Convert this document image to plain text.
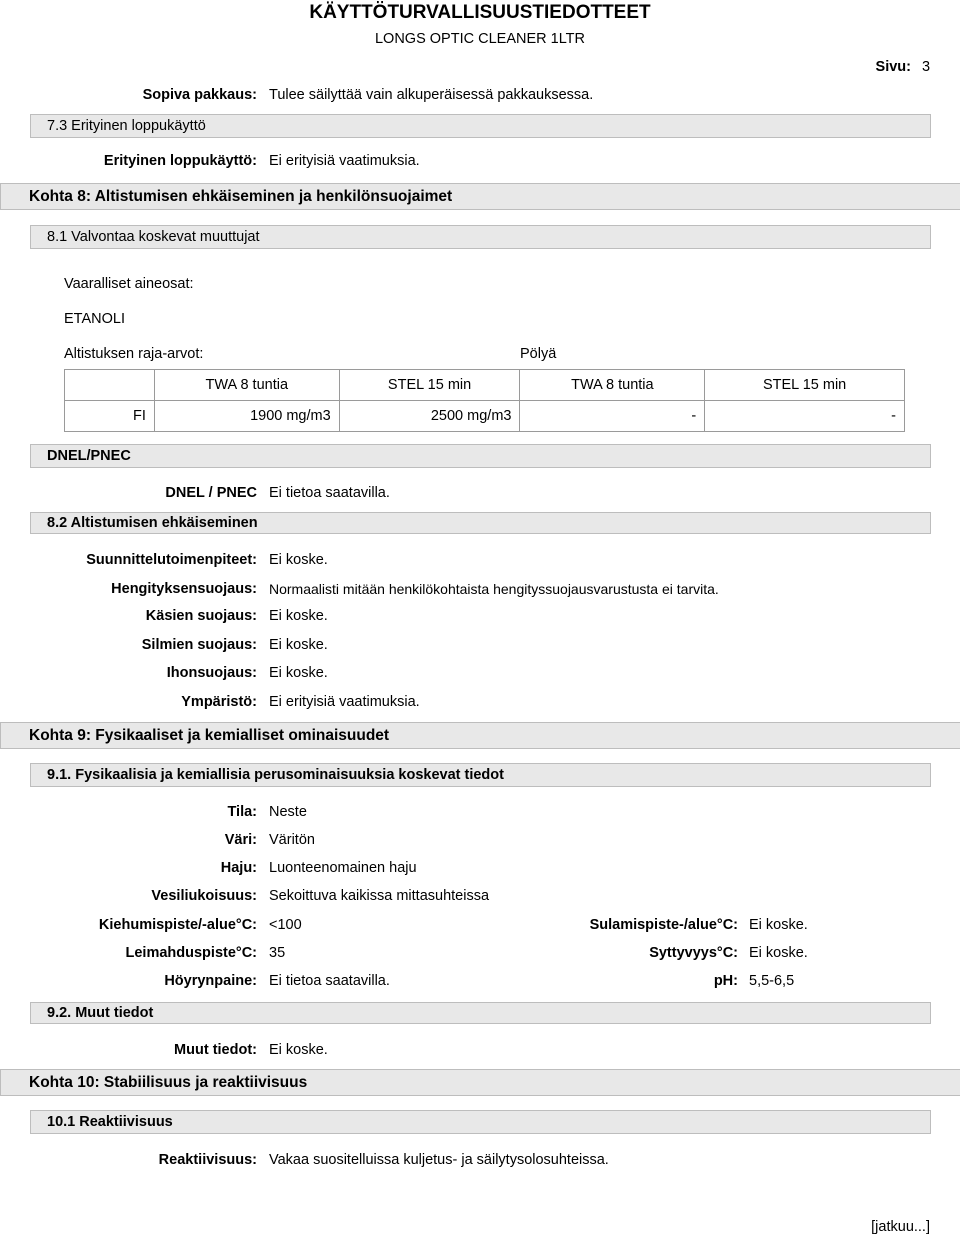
KÄYTTÖTURVALLISUUSTIEDOTTEET
LONGS OPTIC CLEANER 1LTR
Sivu: 3
Sopiva pakkaus: Tulee säilyttää vain alkuperäisessä pakkauksessa.
7.3 Erityinen loppukäyttö
Erityinen loppukäyttö: Ei erityisiä vaatimuksia.
Kohta 8: Altistumisen ehkäiseminen ja henkilönsuojaimet
8.1 Valvontaa koskevat muuttujat
Vaaralliset aineosat:
ETANOLI
Altistuksen raja-arvot:	Pölyä
	TWA 8 tuntia	STEL 15 min	TWA 8 tuntia	STEL 15 min
FI	1900 mg/m3	2500 mg/m3	-	-
DNEL/PNEC
DNEL / PNEC Ei tietoa saatavilla.
8.2 Altistumisen ehkäiseminen
Suunnittelutoimenpiteet: Ei koske.
Hengityksensuojaus: Normaalisti mitään henkilökohtaista hengityssuojausvarustusta ei tarvita.
Käsien suojaus: Ei koske.
Silmien suojaus: Ei koske.
Ihonsuojaus: Ei koske.
Ympäristö: Ei erityisiä vaatimuksia.
Kohta 9: Fysikaaliset ja kemialliset ominaisuudet
9.1. Fysikaalisia ja kemiallisia perusominaisuuksia koskevat tiedot
Tila: Neste
Väri: Väritön
Haju: Luonteenomainen haju
Vesiliukoisuus: Sekoittuva kaikissa mittasuhteissa
Kiehumispiste/-alue°C: <100	Sulamispiste-/alue°C: Ei koske.
Leimahduspiste°C: 35	Syttyvyys°C: Ei koske.
Höyrynpaine: Ei tietoa saatavilla.	pH: 5,5-6,5
9.2. Muut tiedot
Muut tiedot: Ei koske.
Kohta 10: Stabiilisuus ja reaktiivisuus
10.1 Reaktiivisuus
Reaktiivisuus: Vakaa suositelluissa kuljetus- ja säilytysolosuhteissa.
[jatkuu...]
